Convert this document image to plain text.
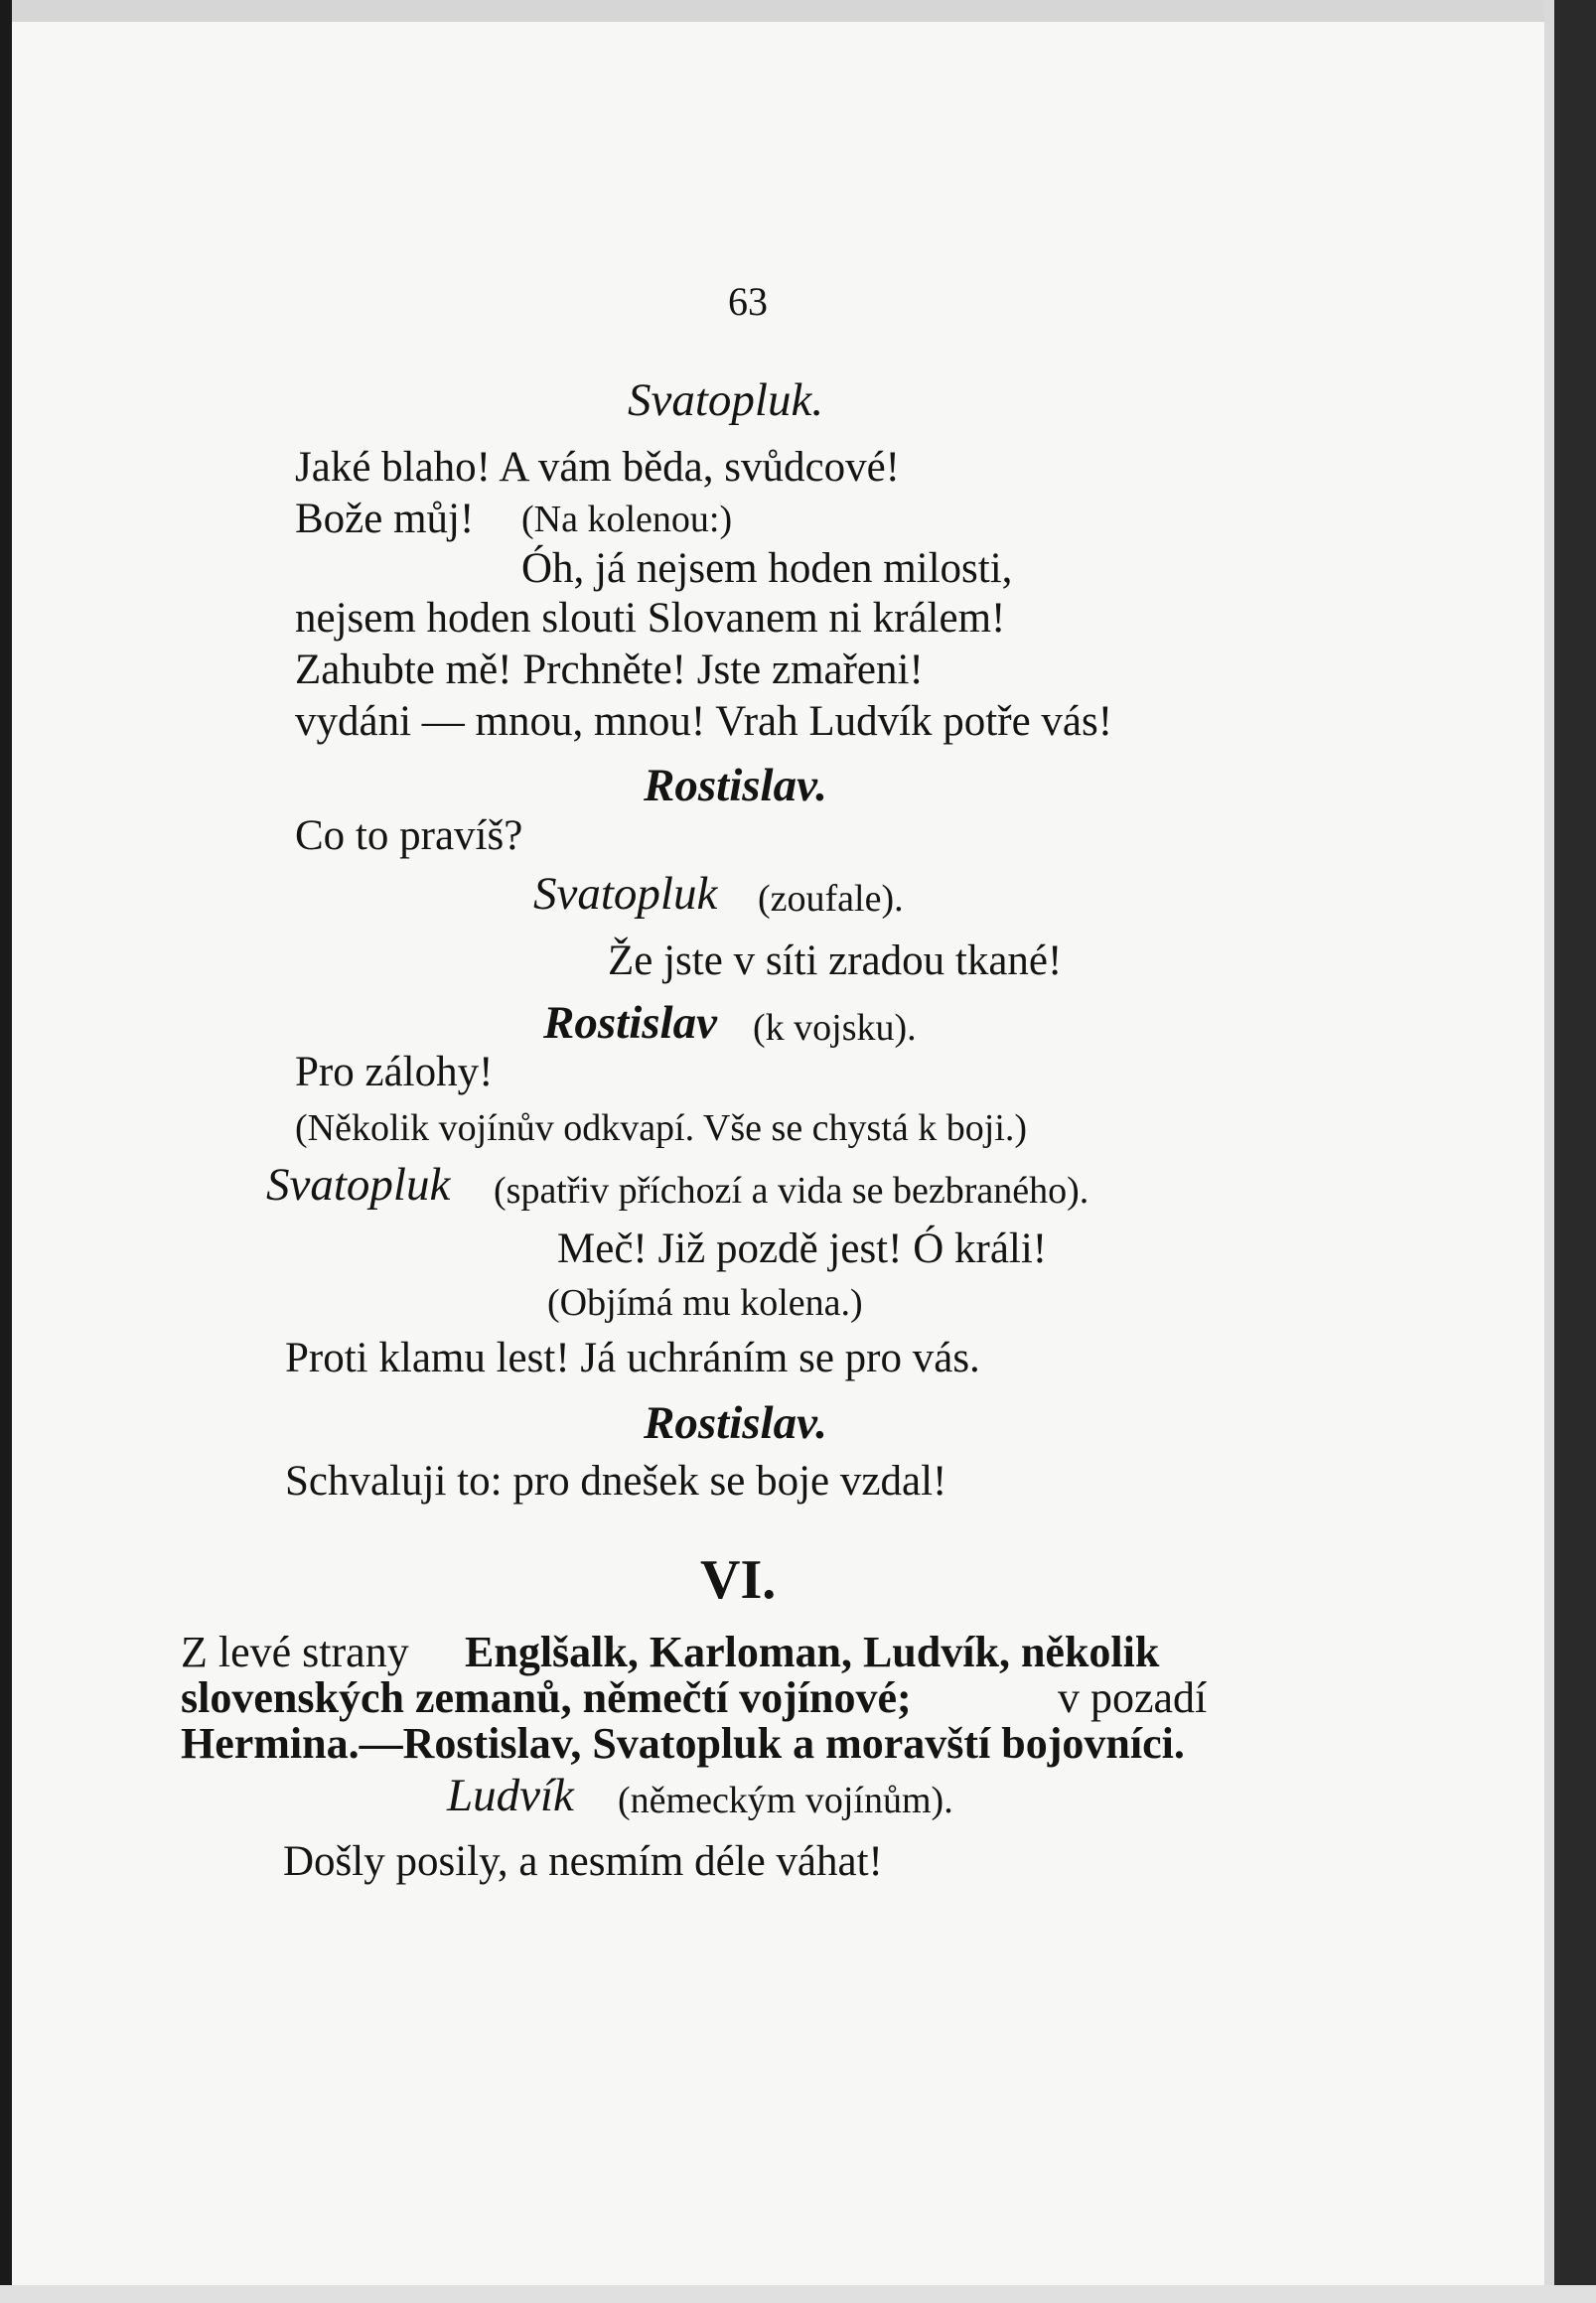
63
Svatopluk.
Jaké blaho! A vám běda, svůdcové!
Bože můj! (Na kolenou:)
Óh, já nejsem hoden milosti,
nejsem hoden slouti Slovanem ni králem!
Zahubte mě! Prchněte! Jste zmařeni!
vydáni — mnou, mnou! Vrah Ludvík potře vás!
Rostislav.
Co to pravíš?
Svatopluk (zoufale).
Že jste v síti zradou tkané!
Rostislav (k vojsku).
Pro zálohy!
(Několik vojínův odkvapí. Vše se chystá k boji.)
Svatopluk (spatřiv příchozí a vida se bezbraného).
Meč! Již pozdě jest! Ó králi!
(Objímá mu kolena.)
Proti klamu lest! Já uchráním se pro vás.
Rostislav.
Schvaluji to: pro dnešek se boje vzdal!
VI.
Z levé strany Englšalk, Karloman, Ludvík, několik
slovenských zemanů, němečtí vojínové;	v pozadí
Hermina.—Rostislav, Svatopluk a moravští bojovníci.
Ludvík (německým vojínům).
Došly posily, a nesmím déle váhat!
